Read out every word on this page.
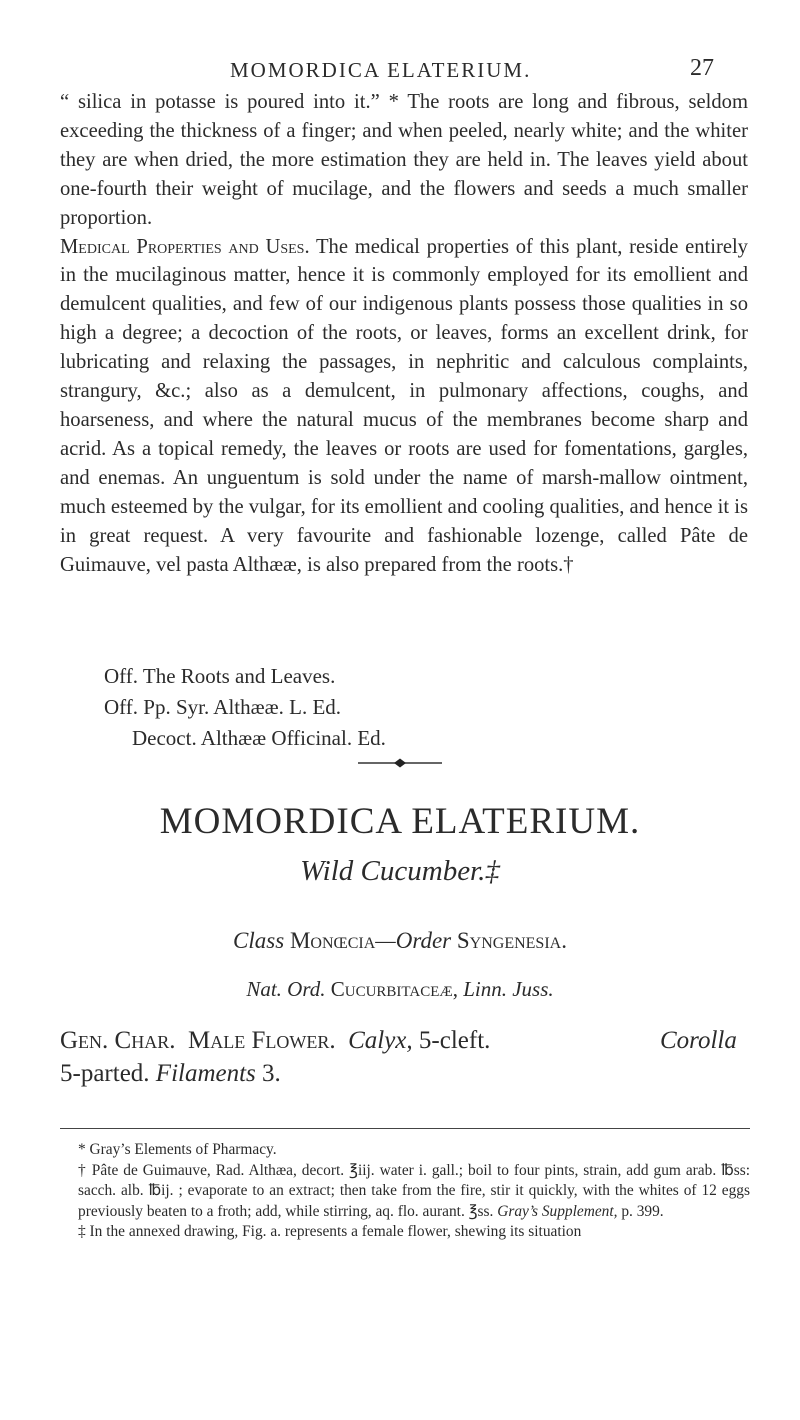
MOMORDICA ELATERIUM.	27

“ silica in potasse is poured into it.” * The roots are long and fibrous, seldom exceeding the thickness of a finger; and when peeled, nearly white; and the whiter they are when dried, the more estimation they are held in. The leaves yield about one-fourth their weight of mucilage, and the flowers and seeds a much smaller proportion.

Medical Properties and Uses. The medical properties of this plant, reside entirely in the mucilaginous matter, hence it is commonly employed for its emollient and demulcent qualities, and few of our indigenous plants possess those qualities in so high a degree; a decoction of the roots, or leaves, forms an excellent drink, for lubricating and relaxing the passages, in nephritic and calculous complaints, strangury, &c.; also as a demulcent, in pulmonary affections, coughs, and hoarseness, and where the natural mucus of the membranes become sharp and acrid. As a topical remedy, the leaves or roots are used for fomentations, gargles, and enemas. An unguentum is sold under the name of marsh-mallow ointment, much esteemed by the vulgar, for its emollient and cooling qualities, and hence it is in great request. A very favourite and fashionable lozenge, called Pâte de Guimauve, vel pasta Althææ, is also prepared from the roots.†

Off. The Roots and Leaves.
Off. Pp. Syr. Althææ. L. Ed.
Decoct. Althææ Officinal. Ed.
MOMORDICA ELATERIUM.
Wild Cucumber.‡
Class Monœcia—Order Syngenesia.
Nat. Ord. Cucurbitaceæ, Linn. Juss.
Gen. Char. Male Flower. Calyx, 5-cleft.	Corolla
5-parted. Filaments 3.

* Gray’s Elements of Pharmacy.

† Pâte de Guimauve, Rad. Althæa, decort. ℥iij. water i. gall.; boil to four pints, strain, add gum arab. ℔ss: sacch. alb. ℔ij. ; evaporate to an extract; then take from the fire, stir it quickly, with the whites of 12 eggs previously beaten to a froth; add, while stirring, aq. flo. aurant. ℥ss. Gray’s Supplement, p. 399.

‡ In the annexed drawing, Fig. a. represents a female flower, shewing its situation
